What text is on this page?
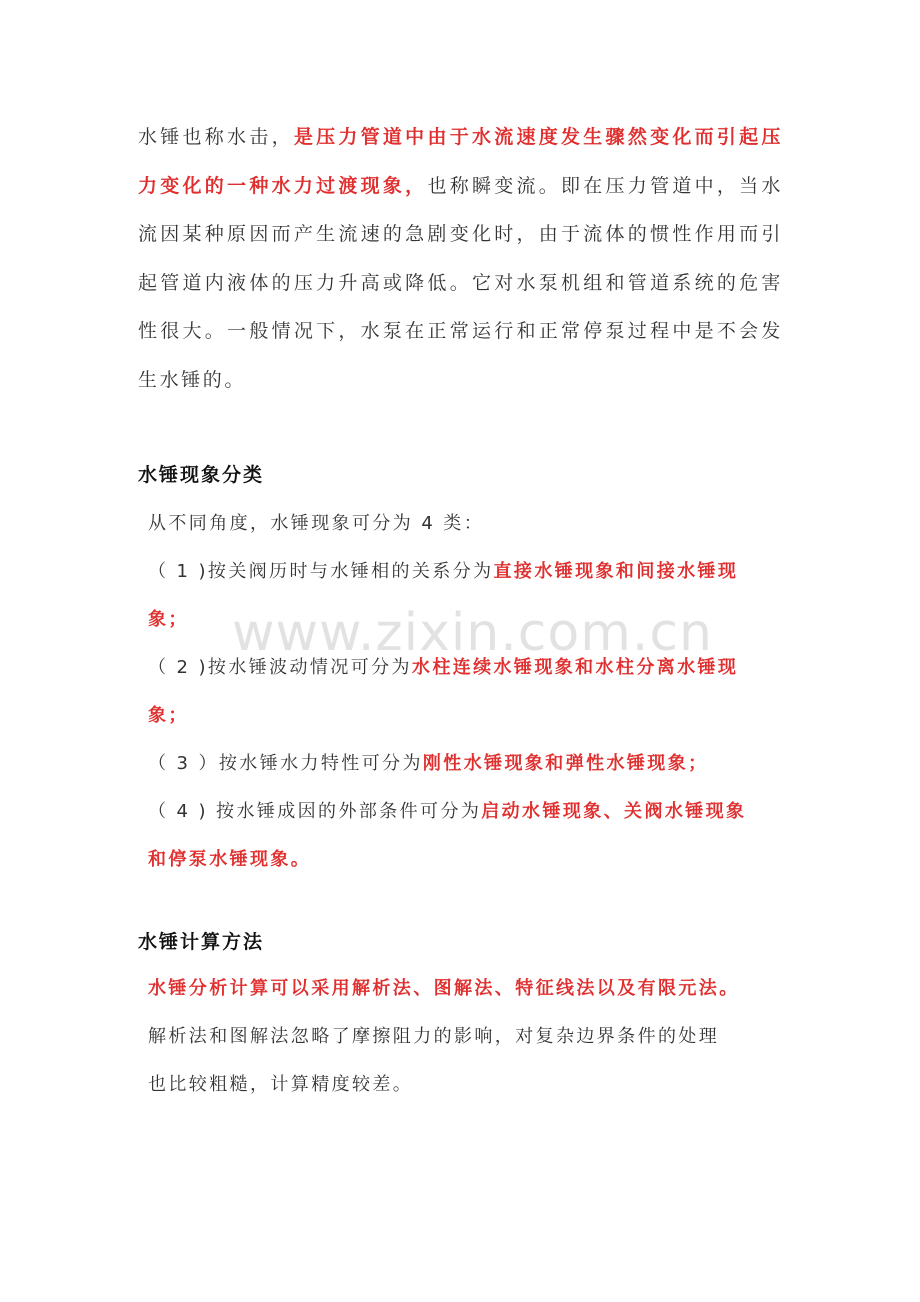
水锤也称水击，是压力管道中由于水流速度发生骤然变化而引起压力变化的一种水力过渡现象，也称瞬变流。即在压力管道中，当水流因某种原因而产生流速的急剧变化时，由于流体的惯性作用而引起管道内液体的压力升高或降低。它对水泵机组和管道系统的危害性很大。一般情况下，水泵在正常运行和正常停泵过程中是不会发生水锤的。
水锤现象分类
从不同角度，水锤现象可分为 4 类：
（ 1 )按关阀历时与水锤相的关系分为直接水锤现象和间接水锤现
象；
（ 2 )按水锤波动情况可分为水柱连续水锤现象和水柱分离水锤现
象；
（ 3 ）按水锤水力特性可分为刚性水锤现象和弹性水锤现象；
（ 4 ) 按水锤成因的外部条件可分为启动水锤现象、关阀水锤现象
和停泵水锤现象。
水锤计算方法
水锤分析计算可以采用解析法、图解法、特征线法以及有限元法。
解析法和图解法忽略了摩擦阻力的影响，对复杂边界条件的处理
也比较粗糙，计算精度较差。
www.zixin.com.cn
